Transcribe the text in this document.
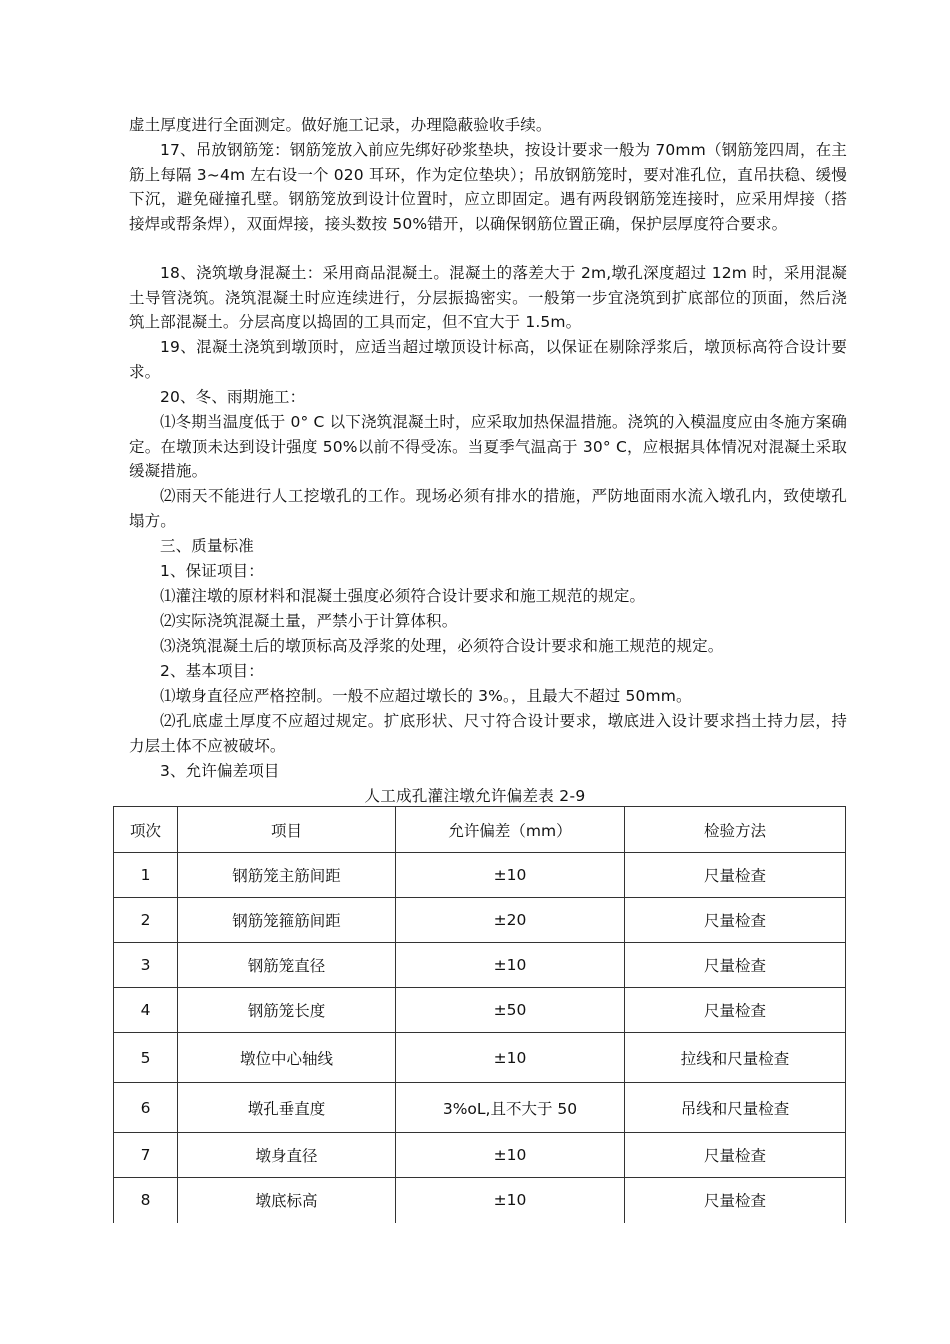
虚土厚度进行全面测定。做好施工记录，办理隐蔽验收手续。

17、吊放钢筋笼：钢筋笼放入前应先绑好砂浆垫块，按设计要求一般为 70mm（钢筋笼四周，在主筋上每隔 3~4m 左右设一个 020 耳环，作为定位垫块）；吊放钢筋笼时，要对准孔位，直吊扶稳、缓慢下沉，避免碰撞孔壁。钢筋笼放到设计位置时，应立即固定。遇有两段钢筋笼连接时，应采用焊接（搭接焊或帮条焊），双面焊接，接头数按 50%错开，以确保钢筋位置正确，保护层厚度符合要求。

18、浇筑墩身混凝土：采用商品混凝土。混凝土的落差大于 2m,墩孔深度超过 12m 时，采用混凝土导管浇筑。浇筑混凝土时应连续进行，分层振捣密实。一般第一步宜浇筑到扩底部位的顶面，然后浇筑上部混凝土。分层高度以捣固的工具而定，但不宜大于 1.5m。

19、混凝土浇筑到墩顶时，应适当超过墩顶设计标高，以保证在剔除浮浆后，墩顶标高符合设计要求。

20、冬、雨期施工：

⑴冬期当温度低于 0° C 以下浇筑混凝土时，应采取加热保温措施。浇筑的入模温度应由冬施方案确定。在墩顶未达到设计强度 50%以前不得受冻。当夏季气温高于 30° C，应根据具体情况对混凝土采取缓凝措施。

⑵雨天不能进行人工挖墩孔的工作。现场必须有排水的措施，严防地面雨水流入墩孔内，致使墩孔塌方。

三、质量标准

1、保证项目：

⑴灌注墩的原材料和混凝土强度必须符合设计要求和施工规范的规定。

⑵实际浇筑混凝土量，严禁小于计算体积。

⑶浇筑混凝土后的墩顶标高及浮浆的处理，必须符合设计要求和施工规范的规定。

2、基本项目：

⑴墩身直径应严格控制。一般不应超过墩长的 3%。，且最大不超过 50mm。

⑵孔底虚土厚度不应超过规定。扩底形状、尺寸符合设计要求，墩底进入设计要求挡土持力层，持力层土体不应被破坏。

3、允许偏差项目

人工成孔灌注墩允许偏差表 2-9
项次	项目	允许偏差（mm）	检验方法
1	钢筋笼主筋间距	±10	尺量检查
2	钢筋笼箍筋间距	±20	尺量检查
3	钢筋笼直径	±10	尺量检查
4	钢筋笼长度	±50	尺量检查
5	墩位中心轴线	±10	拉线和尺量检查
6	墩孔垂直度	3%oL,且不大于 50	吊线和尺量检查
7	墩身直径	±10	尺量检查
8	墩底标高	±10	尺量检查
